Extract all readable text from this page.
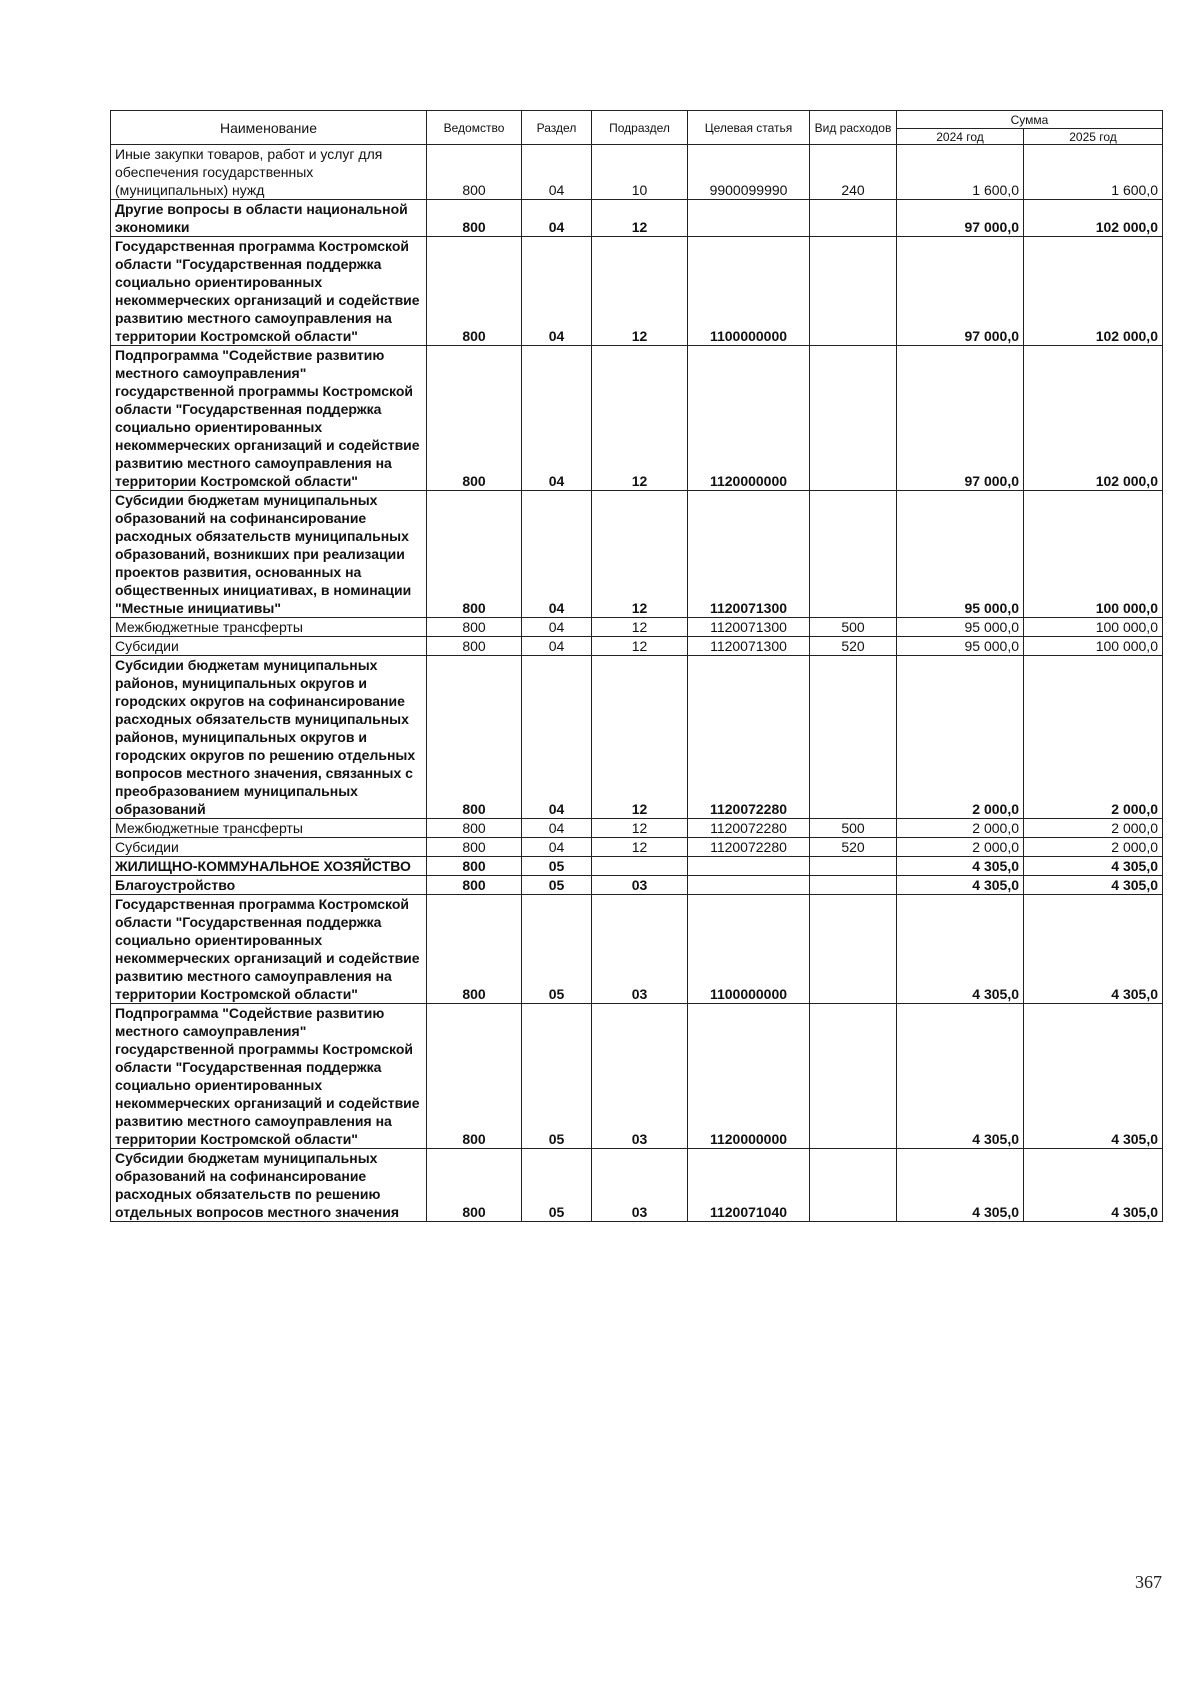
Наименование	Ведомство	Раздел	Подраздел	Целевая статья	Вид расходов	Сумма	
						2024 год	2025 год
Иные закупки товаров, работ и услуг для обеспечения государственных (муниципальных) нужд	800	04	10	9900099990	240	1 600,0	1 600,0
Другие вопросы в области национальной экономики	800	04	12			97 000,0	102 000,0
Государственная программа Костромской области "Государственная поддержка социально ориентированных некоммерческих организаций и содействие развитию местного самоуправления на территории Костромской области"	800	04	12	1100000000		97 000,0	102 000,0
Подпрограмма "Содействие развитию местного самоуправления" государственной программы Костромской области "Государственная поддержка социально ориентированных некоммерческих организаций и содействие развитию местного самоуправления на территории Костромской области"	800	04	12	1120000000		97 000,0	102 000,0
Субсидии бюджетам муниципальных образований на софинансирование расходных обязательств муниципальных образований, возникших при реализации проектов развития, основанных на общественных инициативах, в номинации "Местные инициативы"	800	04	12	1120071300		95 000,0	100 000,0
Межбюджетные трансферты	800	04	12	1120071300	500	95 000,0	100 000,0
Субсидии	800	04	12	1120071300	520	95 000,0	100 000,0
Субсидии бюджетам муниципальных районов, муниципальных округов и городских округов на софинансирование расходных обязательств муниципальных районов, муниципальных округов и городских округов по решению отдельных вопросов местного значения, связанных с преобразованием муниципальных образований	800	04	12	1120072280		2 000,0	2 000,0
Межбюджетные трансферты	800	04	12	1120072280	500	2 000,0	2 000,0
Субсидии	800	04	12	1120072280	520	2 000,0	2 000,0
ЖИЛИЩНО-КОММУНАЛЬНОЕ ХОЗЯЙСТВО	800	05				4 305,0	4 305,0
Благоустройство	800	05	03			4 305,0	4 305,0
Государственная программа Костромской области "Государственная поддержка социально ориентированных некоммерческих организаций и содействие развитию местного самоуправления на территории Костромской области"	800	05	03	1100000000		4 305,0	4 305,0
Подпрограмма "Содействие развитию местного самоуправления" государственной программы Костромской области "Государственная поддержка социально ориентированных некоммерческих организаций и содействие развитию местного самоуправления на территории Костромской области"	800	05	03	1120000000		4 305,0	4 305,0
Субсидии бюджетам муниципальных образований на софинансирование расходных обязательств по решению отдельных вопросов местного значения	800	05	03	1120071040		4 305,0	4 305,0
367
